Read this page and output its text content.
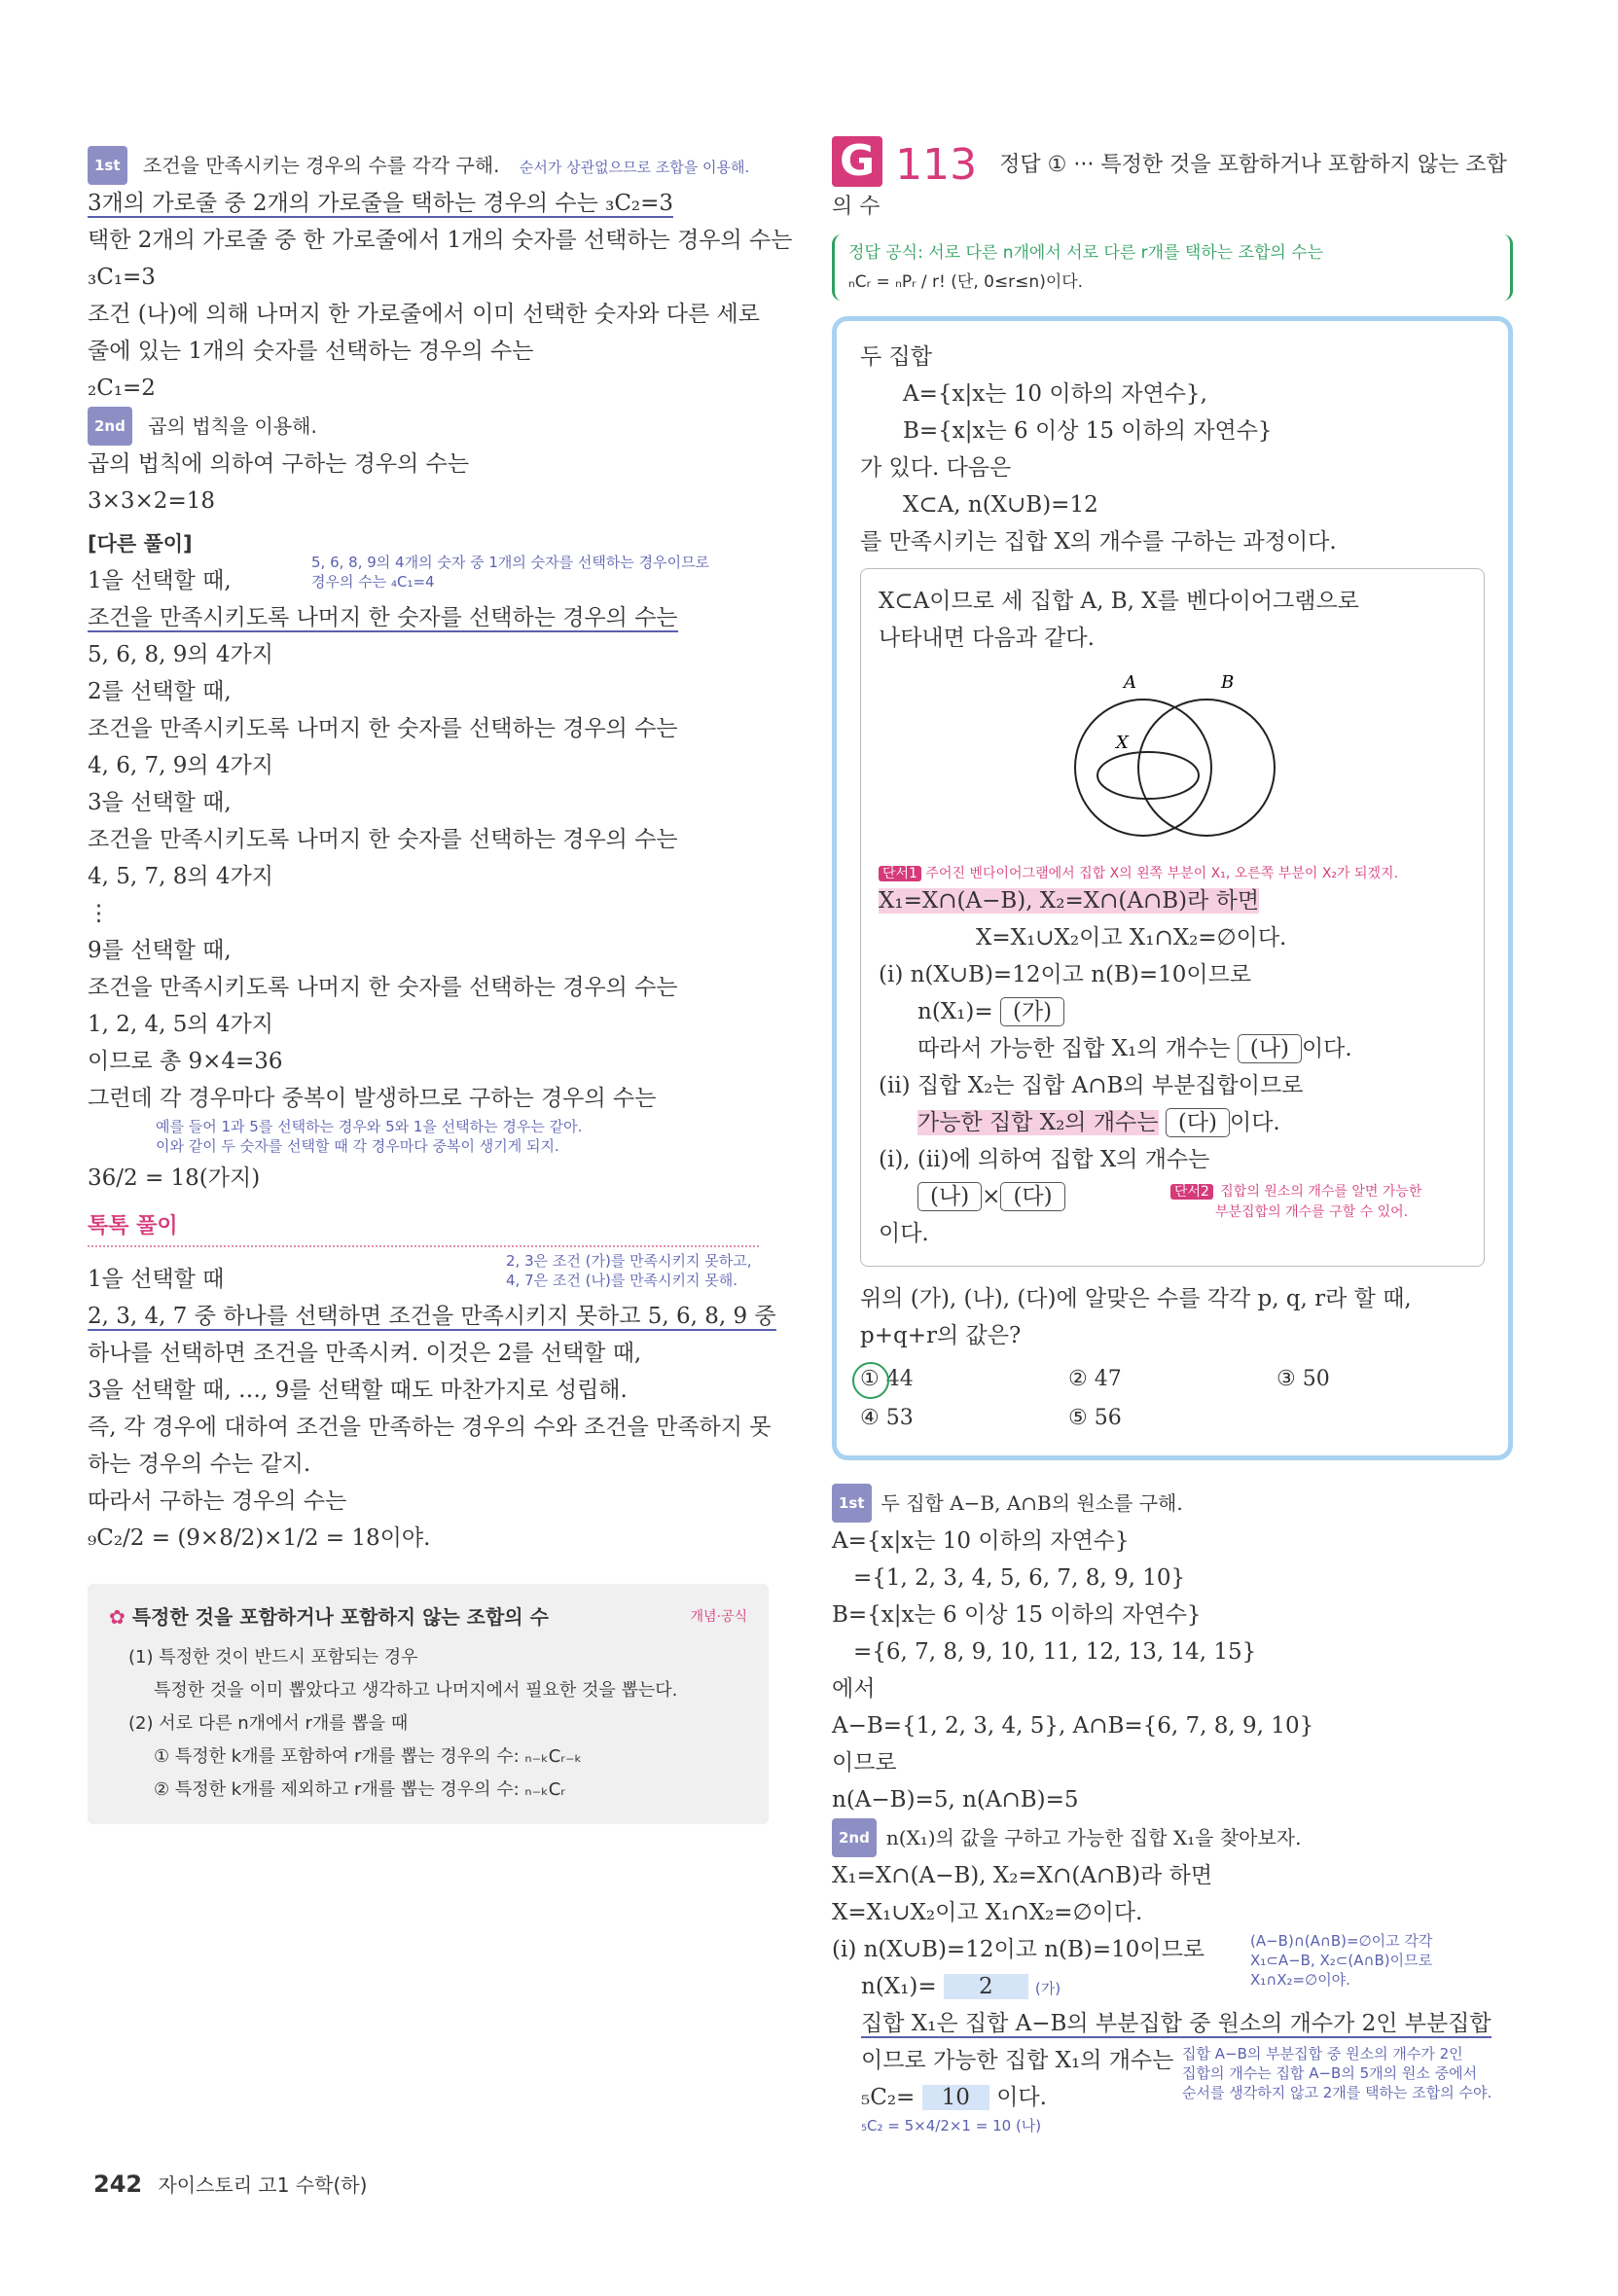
1st 조건을 만족시키는 경우의 수를 각각 구해. 순서가 상관없으므로 조합을 이용해.
3개의 가로줄 중 2개의 가로줄을 택하는 경우의 수는 ₃C₂=3
택한 2개의 가로줄 중 한 가로줄에서 1개의 숫자를 선택하는 경우의 수는
₃C₁=3
조건 (나)에 의해 나머지 한 가로줄에서 이미 선택한 숫자와 다른 세로
줄에 있는 1개의 숫자를 선택하는 경우의 수는
₂C₁=2
2nd 곱의 법칙을 이용해.
곱의 법칙에 의하여 구하는 경우의 수는
3×3×2=18
[다른 풀이]
1을 선택할 때,
5, 6, 8, 9의 4개의 숫자 중 1개의 숫자를 선택하는 경우이므로
경우의 수는 ₄C₁=4
조건을 만족시키도록 나머지 한 숫자를 선택하는 경우의 수는
5, 6, 8, 9의 4가지
2를 선택할 때,
조건을 만족시키도록 나머지 한 숫자를 선택하는 경우의 수는
4, 6, 7, 9의 4가지
3을 선택할 때,
조건을 만족시키도록 나머지 한 숫자를 선택하는 경우의 수는
4, 5, 7, 8의 4가지
⋮
9를 선택할 때,
조건을 만족시키도록 나머지 한 숫자를 선택하는 경우의 수는
1, 2, 4, 5의 4가지
이므로 총 9×4=36
그런데 각 경우마다 중복이 발생하므로 구하는 경우의 수는
예를 들어 1과 5를 선택하는 경우와 5와 1을 선택하는 경우는 같아.
이와 같이 두 숫자를 선택할 때 각 경우마다 중복이 생기게 되지.
36/2 = 18(가지)
톡톡 풀이
2, 3은 조건 (가)를 만족시키지 못하고,
4, 7은 조건 (나)를 만족시키지 못해.
1을 선택할 때
2, 3, 4, 7 중 하나를 선택하면 조건을 만족시키지 못하고 5, 6, 8, 9 중
하나를 선택하면 조건을 만족시켜. 이것은 2를 선택할 때,
3을 선택할 때, …, 9를 선택할 때도 마찬가지로 성립해.
즉, 각 경우에 대하여 조건을 만족하는 경우의 수와 조건을 만족하지 못
하는 경우의 수는 같지.
따라서 구하는 경우의 수는
₉C₂/2 = (9×8/2)×1/2 = 18이야.
✿ 특정한 것을 포함하거나 포함하지 않는 조합의 수	개념·공식
(1) 특정한 것이 반드시 포함되는 경우
특정한 것을 이미 뽑았다고 생각하고 나머지에서 필요한 것을 뽑는다.
(2) 서로 다른 n개에서 r개를 뽑을 때
① 특정한 k개를 포함하여 r개를 뽑는 경우의 수: ₙ₋ₖCᵣ₋ₖ
② 특정한 k개를 제외하고 r개를 뽑는 경우의 수: ₙ₋ₖCᵣ
G 113 정답 ① ··· 특정한 것을 포함하거나 포함하지 않는 조합의 수
정답 공식: 서로 다른 n개에서 서로 다른 r개를 택하는 조합의 수는
ₙCᵣ = ₙPᵣ / r! (단, 0≤r≤n)이다.
두 집합
A={x|x는 10 이하의 자연수},
B={x|x는 6 이상 15 이하의 자연수}
가 있다. 다음은
X⊂A, n(X∪B)=12
를 만족시키는 집합 X의 개수를 구하는 과정이다.
X⊂A이므로 세 집합 A, B, X를 벤다이어그램으로
나타내면 다음과 같다.
A	B
X
단서1 주어진 벤다이어그램에서 집합 X의 왼쪽 부분이 X₁, 오른쪽 부분이 X₂가 되겠지.
X₁=X∩(A−B), X₂=X∩(A∩B)라 하면
X=X₁∪X₂이고 X₁∩X₂=∅이다.
(i) n(X∪B)=12이고 n(B)=10이므로
n(X₁)= (가)
따라서 가능한 집합 X₁의 개수는 (나) 이다.
(ii) 집합 X₂는 집합 A∩B의 부분집합이므로
가능한 집합 X₂의 개수는 (다) 이다.
(i), (ii)에 의하여 집합 X의 개수는
(나) × (다)	단서2 집합의 원소의 개수를 알면 가능한
부분집합의 개수를 구할 수 있어.
이다.
위의 (가), (나), (다)에 알맞은 수를 각각 p, q, r라 할 때,
p+q+r의 값은?
① 44	② 47	③ 50
④ 53	⑤ 56
1st 두 집합 A−B, A∩B의 원소를 구해.
A={x|x는 10 이하의 자연수}
={1, 2, 3, 4, 5, 6, 7, 8, 9, 10}
B={x|x는 6 이상 15 이하의 자연수}
={6, 7, 8, 9, 10, 11, 12, 13, 14, 15}
에서
A−B={1, 2, 3, 4, 5}, A∩B={6, 7, 8, 9, 10}
이므로
n(A−B)=5, n(A∩B)=5
2nd n(X₁)의 값을 구하고 가능한 집합 X₁을 찾아보자.
X₁=X∩(A−B), X₂=X∩(A∩B)라 하면
X=X₁∪X₂이고 X₁∩X₂=∅이다.
(i) n(X∪B)=12이고 n(B)=10이므로
n(X₁)= 2	(가)
(A−B)∩(A∩B)=∅이고 각각
X₁⊂A−B, X₂⊂(A∩B)이므로
X₁∩X₂=∅이야.
집합 X₁은 집합 A−B의 부분집합 중 원소의 개수가 2인 부분집합
이므로 가능한 집합 X₁의 개수는
₅C₂= 10 이다.
집합 A−B의 부분집합 중 원소의 개수가 2인
집합의 개수는 집합 A−B의 5개의 원소 중에서
순서를 생각하지 않고 2개를 택하는 조합의 수야.
₅C₂ = 5×4/2×1 = 10 (나)
242 자이스토리 고1 수학(하)
